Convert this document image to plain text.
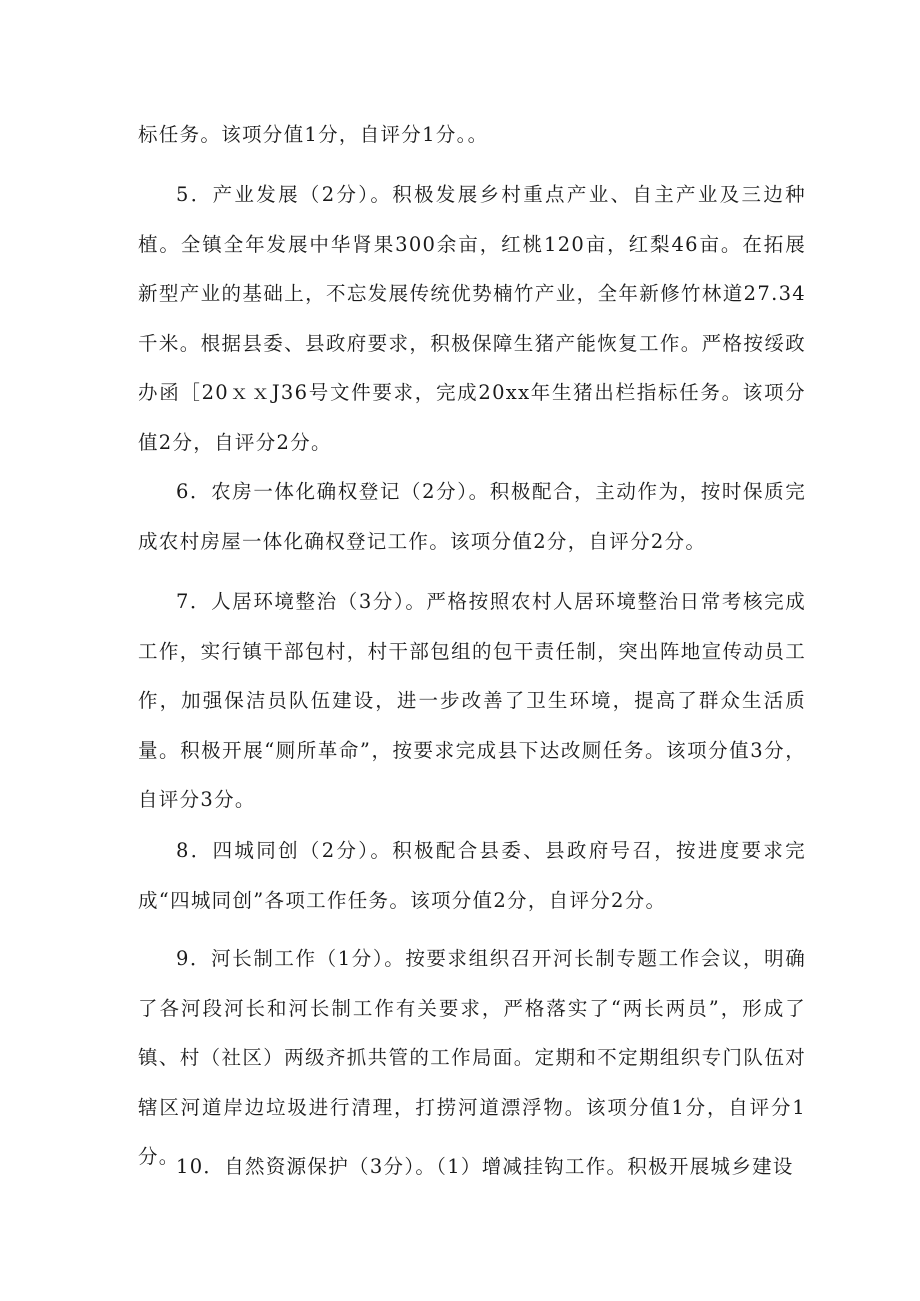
标任务。该项分值1分，自评分1分。。

5．产业发展（2分）。积极发展乡村重点产业、自主产业及三边种植。全镇全年发展中华肾果300余亩，红桃120亩，红梨46亩。在拓展新型产业的基础上，不忘发展传统优势楠竹产业，全年新修竹林道27.34千米。根据县委、县政府要求，积极保障生猪产能恢复工作。严格按绥政办函［20ｘｘJ36号文件要求，完成20xx年生猪出栏指标任务。该项分值2分，自评分2分。

6．农房一体化确权登记（2分）。积极配合，主动作为，按时保质完成农村房屋一体化确权登记工作。该项分值2分，自评分2分。

7．人居环境整治（3分）。严格按照农村人居环境整治日常考核完成工作，实行镇干部包村，村干部包组的包干责任制，突出阵地宣传动员工作，加强保洁员队伍建设，进一步改善了卫生环境，提高了群众生活质量。积极开展“厕所革命”，按要求完成县下达改厕任务。该项分值3分，自评分3分。

8．四城同创（2分）。积极配合县委、县政府号召，按进度要求完成“四城同创”各项工作任务。该项分值2分，自评分2分。

9．河长制工作（1分）。按要求组织召开河长制专题工作会议，明确了各河段河长和河长制工作有关要求，严格落实了“两长两员”，形成了镇、村（社区）两级齐抓共管的工作局面。定期和不定期组织专门队伍对辖区河道岸边垃圾进行清理，打捞河道漂浮物。该项分值1分，自评分1分。

10．自然资源保护（3分）。（1）增减挂钩工作。积极开展城乡建设
